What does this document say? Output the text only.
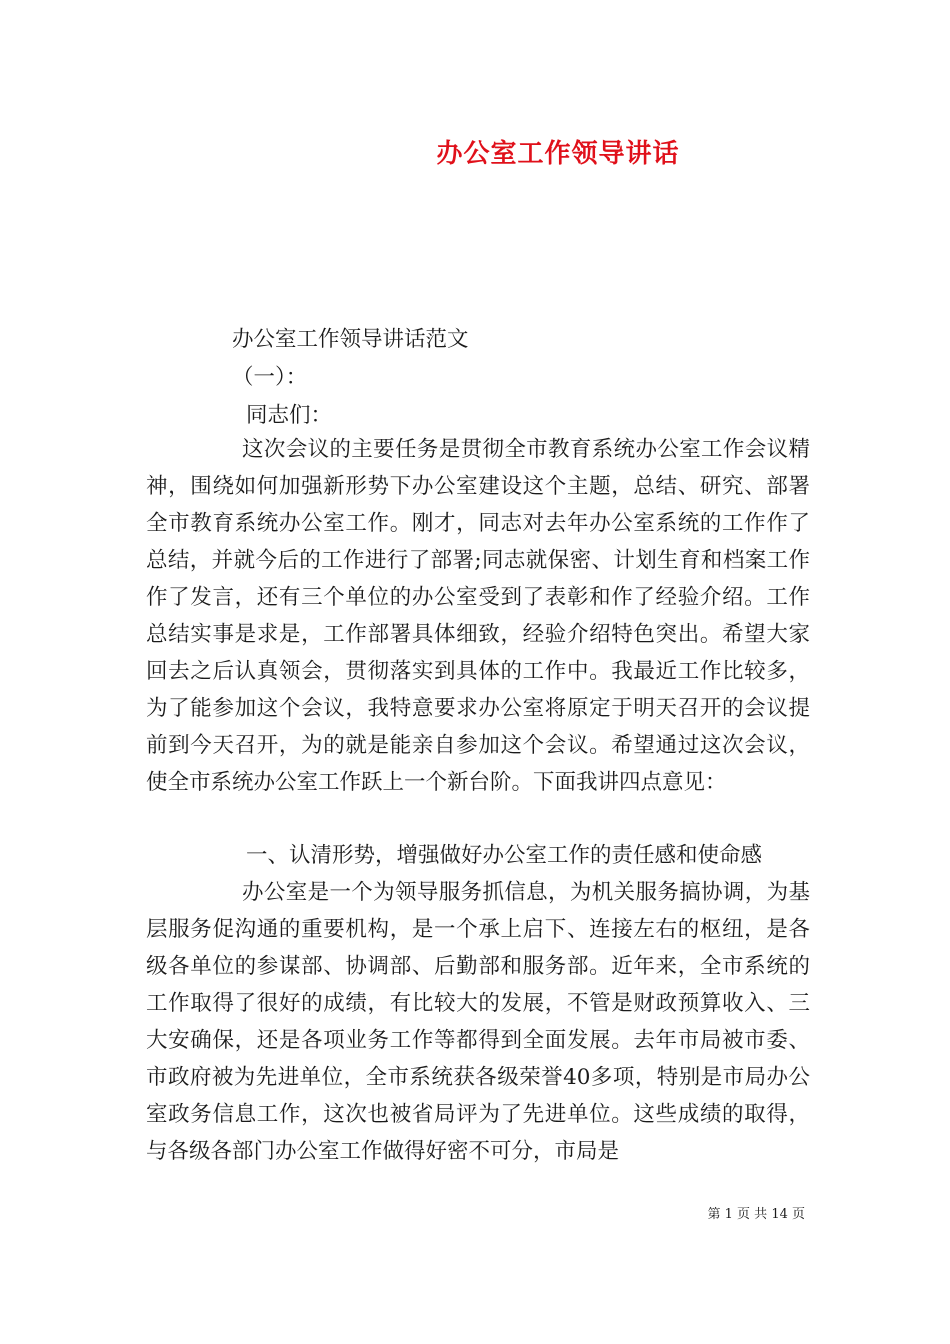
办公室工作领导讲话
办公室工作领导讲话范文
（一）：
同志们：

这次会议的主要任务是贯彻全市教育系统办公室工作会议精神，围绕如何加强新形势下办公室建设这个主题，总结、研究、部署全市教育系统办公室工作。刚才，同志对去年办公室系统的工作作了总结，并就今后的工作进行了部署;同志就保密、计划生育和档案工作作了发言，还有三个单位的办公室受到了表彰和作了经验介绍。工作总结实事是求是，工作部署具体细致，经验介绍特色突出。希望大家回去之后认真领会，贯彻落实到具体的工作中。我最近工作比较多，为了能参加这个会议，我特意要求办公室将原定于明天召开的会议提前到今天召开，为的就是能亲自参加这个会议。希望通过这次会议，使全市系统办公室工作跃上一个新台阶。下面我讲四点意见：

一、认清形势，增强做好办公室工作的责任感和使命感

办公室是一个为领导服务抓信息，为机关服务搞协调，为基层服务促沟通的重要机构，是一个承上启下、连接左右的枢纽，是各级各单位的参谋部、协调部、后勤部和服务部。近年来，全市系统的工作取得了很好的成绩，有比较大的发展，不管是财政预算收入、三大安确保，还是各项业务工作等都得到全面发展。去年市局被市委、市政府被为先进单位，全市系统获各级荣誉40多项，特别是市局办公室政务信息工作，这次也被省局评为了先进单位。这些成绩的取得，与各级各部门办公室工作做得好密不可分，市局是

第 1 页 共 14 页
